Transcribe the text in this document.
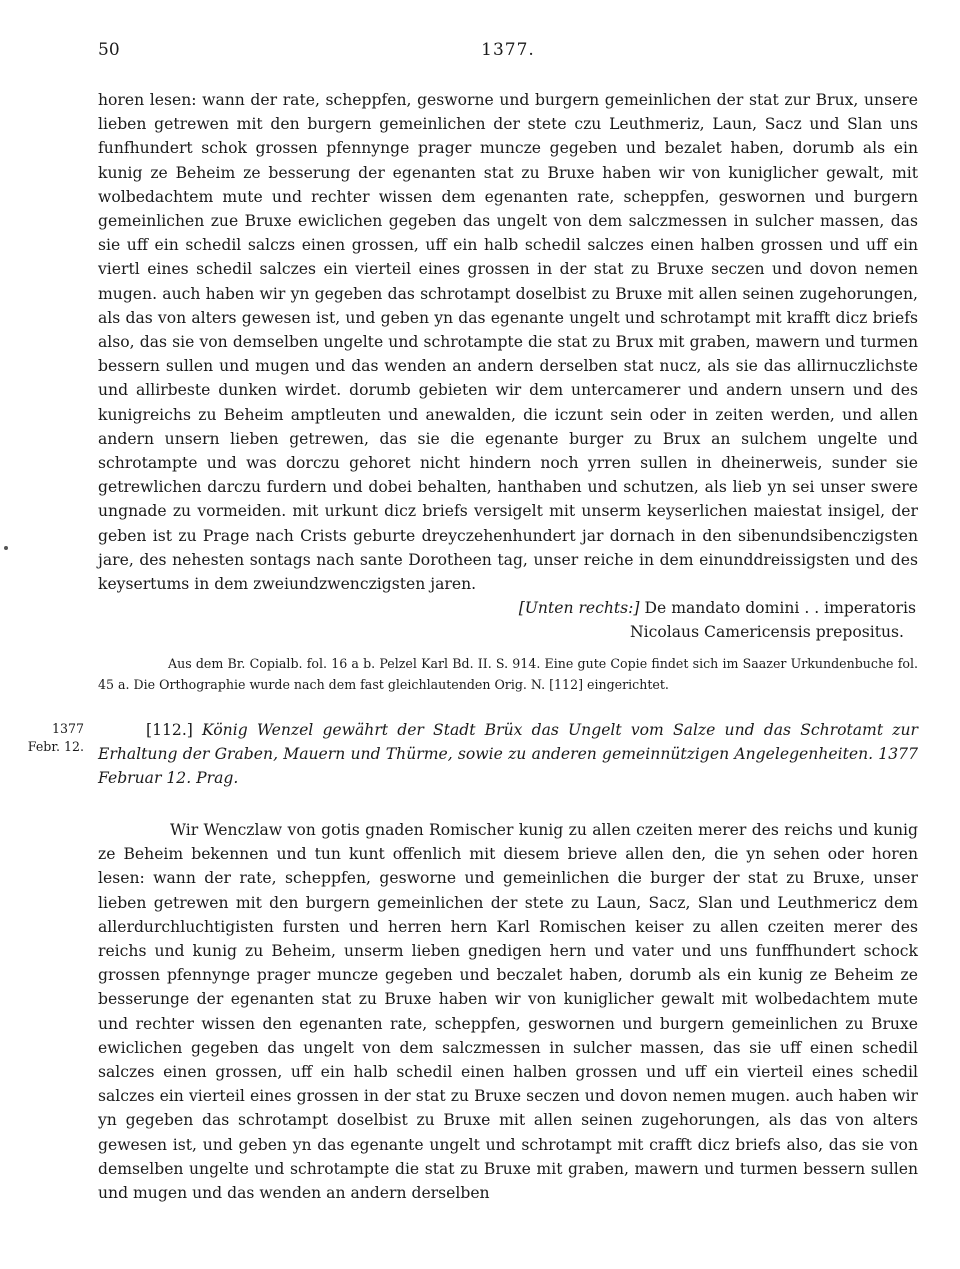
50	1377.

horen lesen: wann der rate, scheppfen, gesworne und burgern gemeinlichen der stat zur Brux, unsere lieben getrewen mit den burgern gemeinlichen der stete czu Leuthmeriz, Laun, Sacz und Slan uns funfhundert schok grossen pfennynge prager muncze gegeben und bezalet haben, dorumb als ein kunig ze Beheim ze besserung der egenanten stat zu Bruxe haben wir von kuniglicher gewalt, mit wolbedachtem mute und rechter wissen dem egenanten rate, scheppfen, geswornen und burgern gemeinlichen zue Bruxe ewiclichen gegeben das ungelt von dem salczmessen in sulcher massen, das sie uff ein schedil salczs einen grossen, uff ein halb schedil salczes einen halben grossen und uff ein viertl eines schedil salczes ein vierteil eines grossen in der stat zu Bruxe seczen und dovon nemen mugen. auch haben wir yn gegeben das schrotampt doselbist zu Bruxe mit allen seinen zugehorungen, als das von alters gewesen ist, und geben yn das egenante ungelt und schrotampt mit krafft dicz briefs also, das sie von demselben ungelte und schrotampte die stat zu Brux mit graben, mawern und turmen bessern sullen und mugen und das wenden an andern derselben stat nucz, als sie das allirnuczlichste und allirbeste dunken wirdet. dorumb gebieten wir dem untercamerer und andern unsern und des kunigreichs zu Beheim amptleuten und anewalden, die iczunt sein oder in zeiten werden, und allen andern unsern lieben getrewen, das sie die egenante burger zu Brux an sulchem ungelte und schrotampte und was dorczu gehoret nicht hindern noch yrren sullen in dheinerweis, sunder sie getrewlichen darczu furdern und dobei behalten, hanthaben und schutzen, als lieb yn sei unser swere ungnade zu vormeiden. mit urkunt dicz briefs versigelt mit unserm keyserlichen maiestat insigel, der geben ist zu Prage nach Crists geburte dreyczehenhundert jar dornach in den sibenundsibenczigsten jare, des nehesten sontags nach sante Dorotheen tag, unser reiche in dem einunddreissigsten und des keysertums in dem zweiundzwenczigsten jaren.

[Unten rechts:] De mandato domini . . imperatoris
Nicolaus Camericensis prepositus.
Aus dem Br. Copialb. fol. 16 a b. Pelzel Karl Bd. II. S. 914. Eine gute Copie findet sich im Saazer Urkundenbuche fol. 45 a. Die Orthographie wurde nach dem fast gleichlautenden Orig. N. [112] eingerichtet.
1377
Febr. 12.
[112.] König Wenzel gewährt der Stadt Brüx das Ungelt vom Salze und das Schrotamt zur Erhaltung der Graben, Mauern und Thürme, sowie zu anderen gemeinnützigen Angelegenheiten. 1377 Februar 12. Prag.

Wir Wenczlaw von gotis gnaden Romischer kunig zu allen czeiten merer des reichs und kunig ze Beheim bekennen und tun kunt offenlich mit diesem brieve allen den, die yn sehen oder horen lesen: wann der rate, scheppfen, gesworne und gemeinlichen die burger der stat zu Bruxe, unser lieben getrewen mit den burgern gemeinlichen der stete zu Laun, Sacz, Slan und Leuthmericz dem allerdurchluchtigisten fursten und herren hern Karl Romischen keiser zu allen czeiten merer des reichs und kunig zu Beheim, unserm lieben gnedigen hern und vater und uns funffhundert schock grossen pfennynge prager muncze gegeben und beczalet haben, dorumb als ein kunig ze Beheim ze besserunge der egenanten stat zu Bruxe haben wir von kuniglicher gewalt mit wolbedachtem mute und rechter wissen den egenanten rate, scheppfen, geswornen und burgern gemeinlichen zu Bruxe ewiclichen gegeben das ungelt von dem salczmessen in sulcher massen, das sie uff einen schedil salczes einen grossen, uff ein halb schedil einen halben grossen und uff ein vierteil eines schedil salczes ein vierteil eines grossen in der stat zu Bruxe seczen und dovon nemen mugen. auch haben wir yn gegeben das schrotampt doselbist zu Bruxe mit allen seinen zugehorungen, als das von alters gewesen ist, und geben yn das egenante ungelt und schrotampt mit crafft dicz briefs also, das sie von demselben ungelte und schrotampte die stat zu Bruxe mit graben, mawern und turmen bessern sullen und mugen und das wenden an andern derselben
